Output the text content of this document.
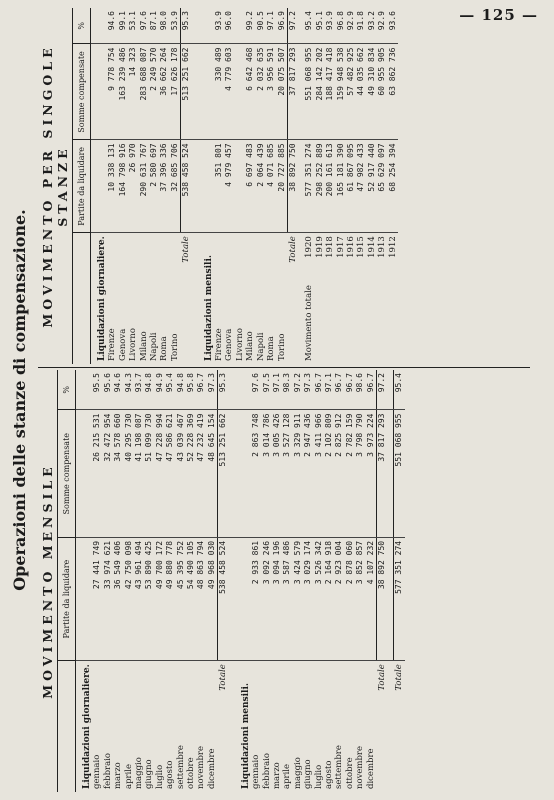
— 125 —
Operazioni delle stanze di compensazione. MOVIMENTO MENSILE
	Partite da liquidare	Somme compensate	%
Liquidazioni giornaliere.			
gennaio	27 441 749	26 215 531	95.5
febbraio	33 974 621	32 472 954	95.6
marzo	36 549 406	34 578 660	94.6
aprile	42 750 098	40 295 730	94.3
maggio	43 961 494	41 198 087	93.7
giugno	53 890 425	51 099 730	94.8
luglio	49 700 172	47 228 994	94.9
agosto	49 880 778	47 586 621	95.4
settembre	45 395 752	43 039 467	94.8
ottobre	54 490 105	52 228 369	95.8
novembre	48 863 794	47 232 419	96.7
dicembre	49 968 030	48 645 154	97.3
Totale	538 458 524	513 251 662	95.3

Liquidazioni mensili.			
gennaio	2 933 861	2 863 748	97.6
febbraio	3 092 246	3 014 786	97.5
marzo	3 094 196	3 005 426	97.1
aprile	3 587 486	3 527 128	98.3
maggio	3 424 579	3 329 911	97.2
giugno	3 029 174	2 947 436	97.3
luglio	3 526 342	3 411 966	96.7
agosto	2 164 918	2 102 809	97.1
settembre	2 923 004	2 825 912	96.7
ottobre	2 878 060	2 782 159	96.7
novembre	3 852 857	3 798 790	98.6
dicembre	4 107 232	3 973 224	96.7
Totale	38 892 750	37 817 293	97.2

Totale	577 351 274	551 068 955	95.4
MOVIMENTO PER SINGOLE STANZE
	Partite da liquidare	Somme compensate	%
Liquidazioni giornaliere.			
Firenze	10 338 131	9 778 754	94.6
Genova	164 798 916	163 239 486	99.1
Livorno	26 970	14 323	53.1
Milano	290 631 767	283 688 087	97.6
Napoli	2 580 697	2 249 570	87.1
Roma	37 396 336	36 662 264	98.0
Torino	32 685 706	17 626 178	53.9
Totale	538 458 524	513 251 662	95.3

Liquidazioni mensili.			
Firenze	351 801	330 489	93.9
Genova	4 979 457	4 779 603	96.0
Livorno			
Milano	6 697 483	6 642 468	99.2
Napoli	2 064 439	2 032 635	90.5
Roma	4 071 685	3 956 591	97.1
Torino	20 727 885	20 075 507	96.9
Totale	38 892 750	37 817 293	97.2

Movimento totale
1920	577 351 274	551 068 955	95.4

1919	298 252 889	284 142 202	95.1

1918	200 161 613	188 417 418	93.9

1917	165 181 390	159 948 538	96.8

1916	61 867 095	57 482 925	92.9

1915	47 982 433	44 035 662	91.8

1914	52 917 440	49 310 834	93.2

1913	65 629 097	60 955 905	92.9

1912	68 254 394	63 862 736	93.6
